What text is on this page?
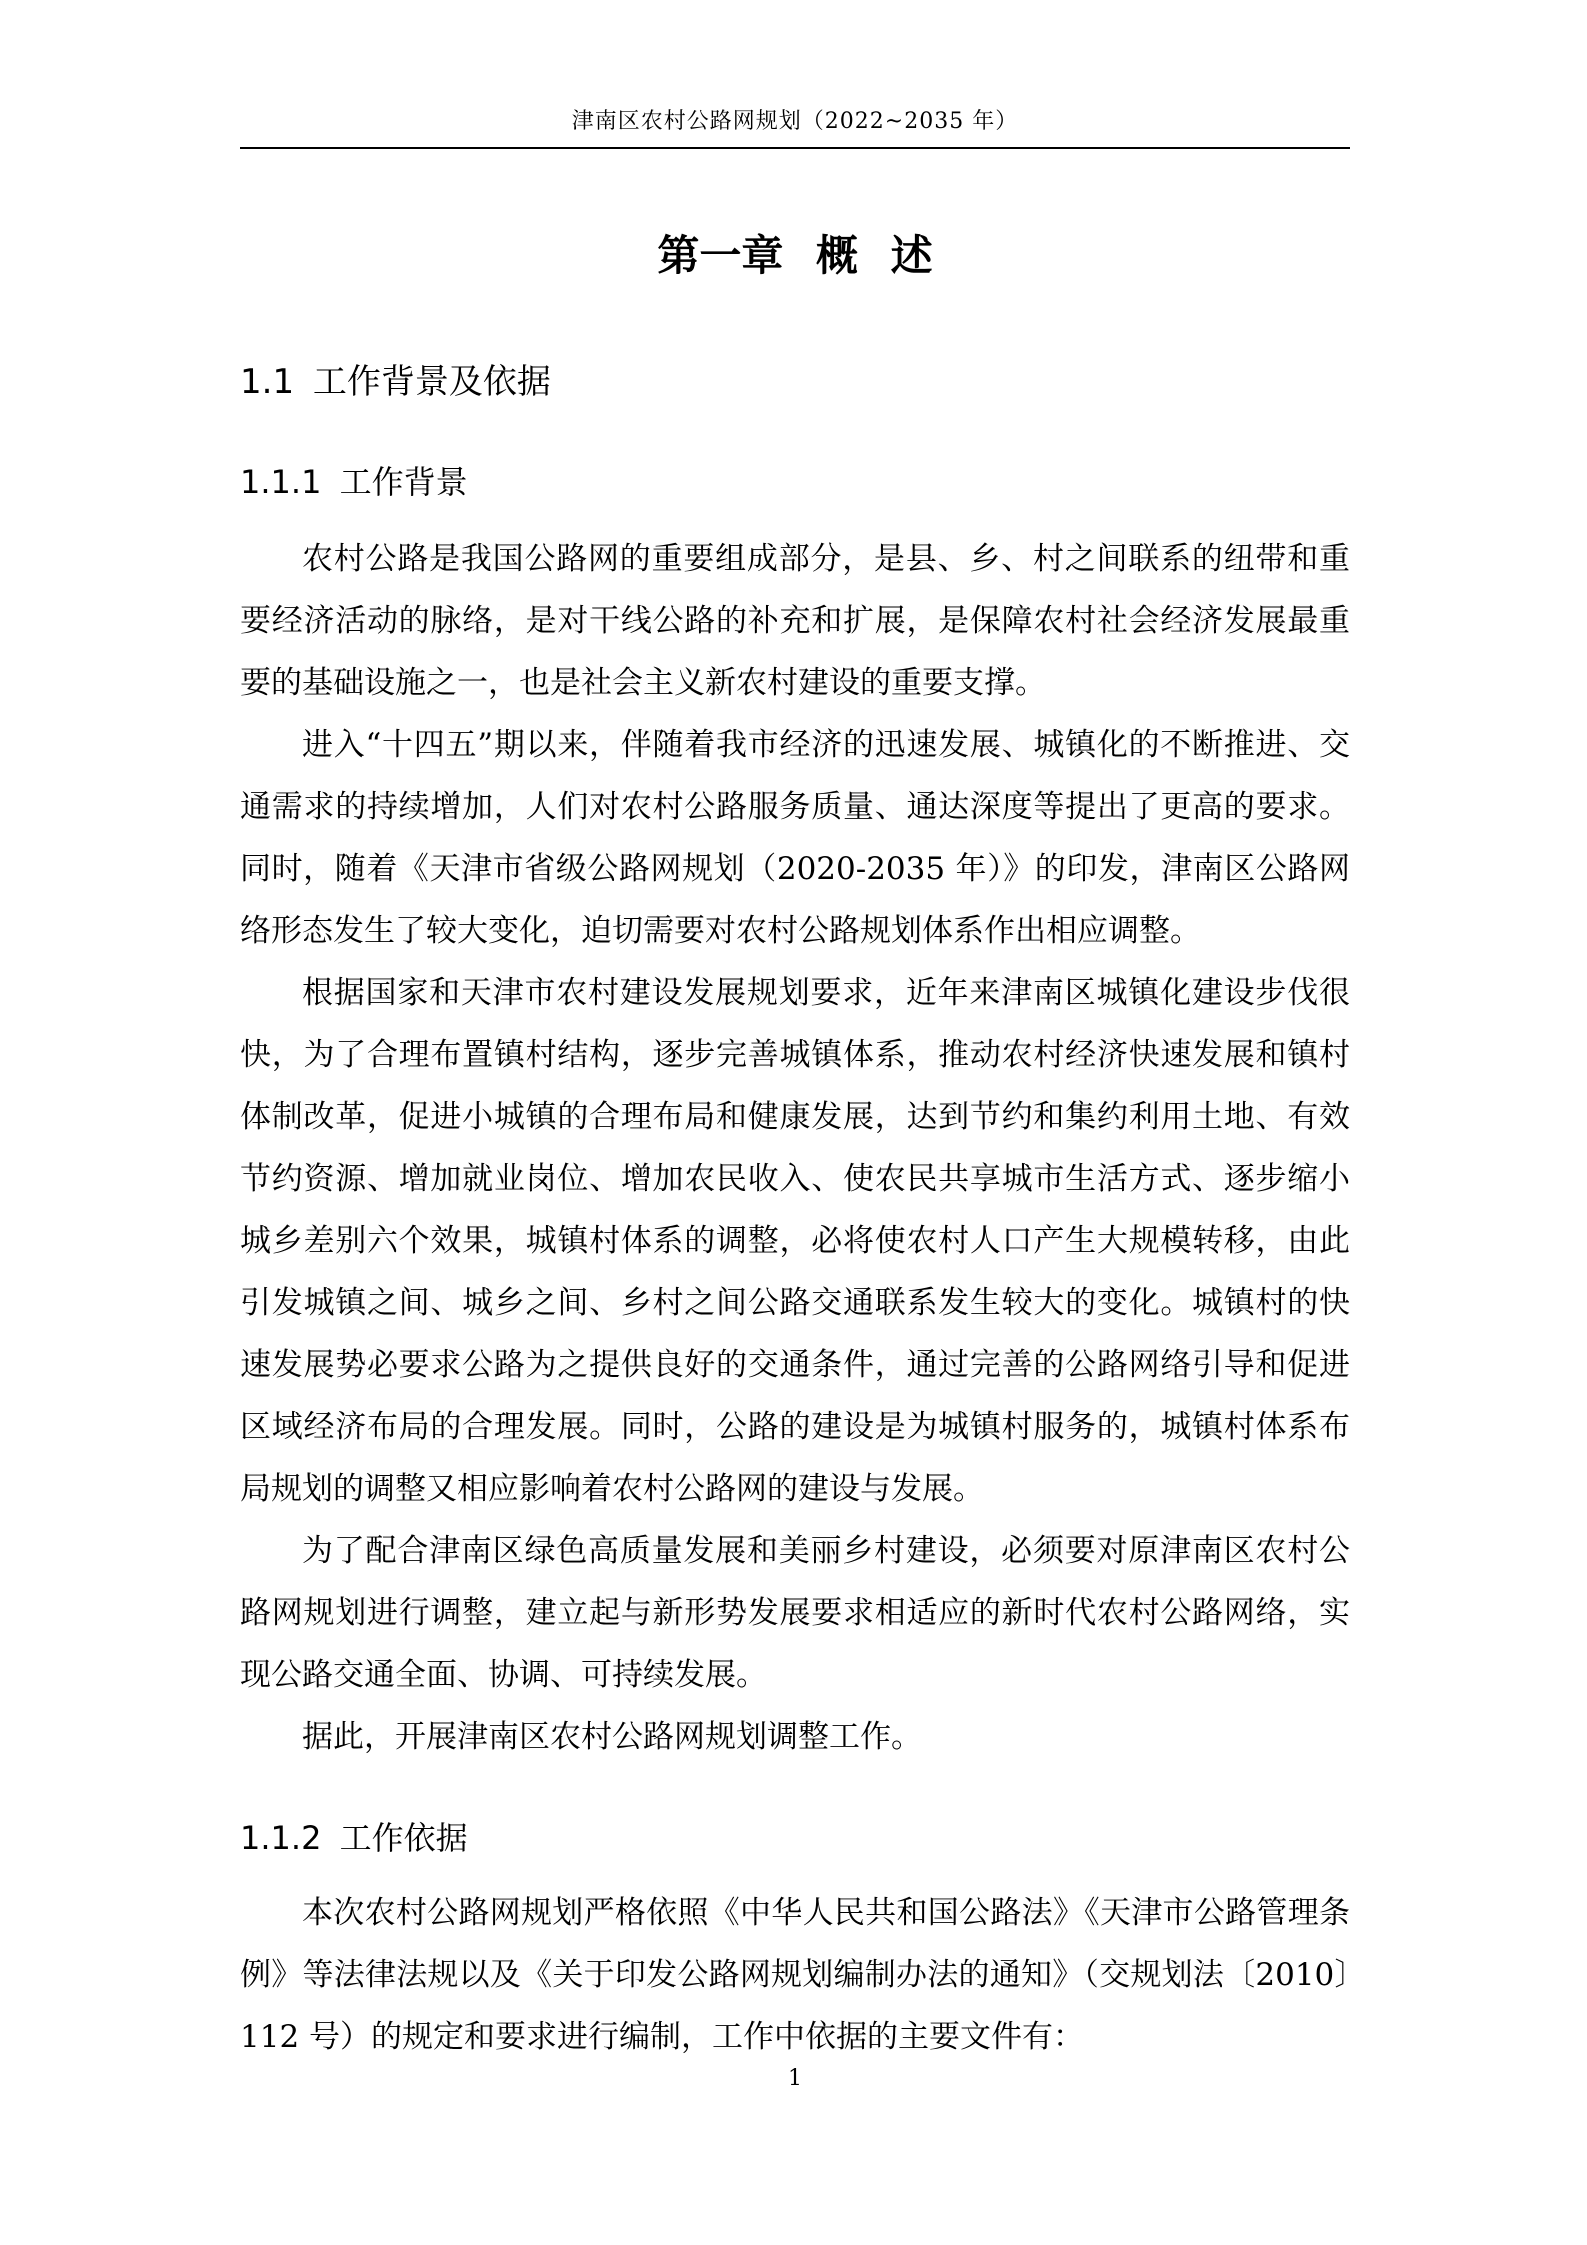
津南区农村公路网规划（2022~2035 年）
第一章 概 述
1.1 工作背景及依据
1.1.1 工作背景

农村公路是我国公路网的重要组成部分，是县、乡、村之间联系的纽带和重要经济活动的脉络，是对干线公路的补充和扩展，是保障农村社会经济发展最重要的基础设施之一，也是社会主义新农村建设的重要支撑。

进入“十四五”期以来，伴随着我市经济的迅速发展、城镇化的不断推进、交通需求的持续增加，人们对农村公路服务质量、通达深度等提出了更高的要求。同时，随着《天津市省级公路网规划（2020-2035 年）》的印发，津南区公路网络形态发生了较大变化，迫切需要对农村公路规划体系作出相应调整。

根据国家和天津市农村建设发展规划要求，近年来津南区城镇化建设步伐很快，为了合理布置镇村结构，逐步完善城镇体系，推动农村经济快速发展和镇村体制改革，促进小城镇的合理布局和健康发展，达到节约和集约利用土地、有效节约资源、增加就业岗位、增加农民收入、使农民共享城市生活方式、逐步缩小城乡差别六个效果，城镇村体系的调整，必将使农村人口产生大规模转移，由此引发城镇之间、城乡之间、乡村之间公路交通联系发生较大的变化。城镇村的快速发展势必要求公路为之提供良好的交通条件，通过完善的公路网络引导和促进区域经济布局的合理发展。同时，公路的建设是为城镇村服务的，城镇村体系布局规划的调整又相应影响着农村公路网的建设与发展。

为了配合津南区绿色高质量发展和美丽乡村建设，必须要对原津南区农村公路网规划进行调整，建立起与新形势发展要求相适应的新时代农村公路网络，实现公路交通全面、协调、可持续发展。

据此，开展津南区农村公路网规划调整工作。

1.1.2 工作依据

本次农村公路网规划严格依照《中华人民共和国公路法》《天津市公路管理条例》等法律法规以及《关于印发公路网规划编制办法的通知》（交规划法〔2010〕112 号）的规定和要求进行编制，工作中依据的主要文件有：

1
